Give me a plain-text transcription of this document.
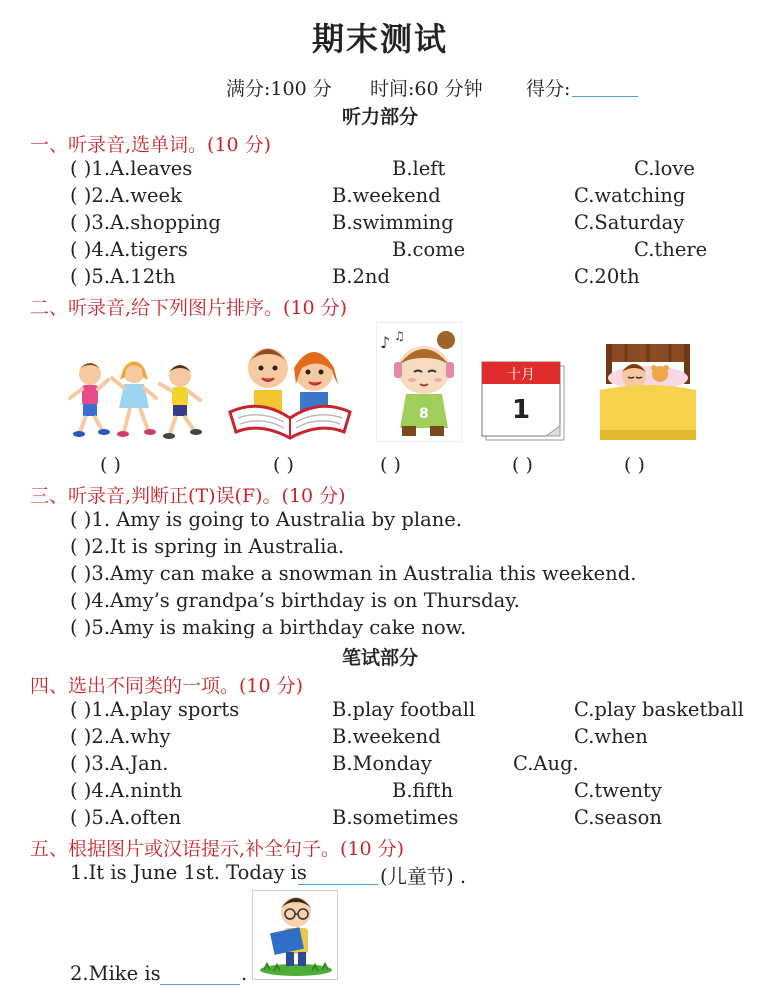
期末测试
满分:100 分 时间:60 分钟 得分:
听力部分
一、听录音,选单词。(10 分)
( )1.A.leaves	B.left	C.love
( )2.A.week	B.weekend	C.watching
( )3.A.shopping	B.swimming	C.Saturday
( )4.A.tigers	B.come	C.there
( )5.A.12th	B.2nd	C.20th
二、听录音,给下列图片排序。(10 分)
♪ ♫
8
十月
1
( )	( )	( )	( )	( )
三、听录音,判断正(T)误(F)。(10 分)
( )1. Amy is going to Australia by plane.
( )2.It is spring in Australia.
( )3.Amy can make a snowman in Australia this weekend.
( )4.Amy’s grandpa’s birthday is on Thursday.
( )5.Amy is making a birthday cake now.
笔试部分
四、选出不同类的一项。(10 分)
( )1.A.play sports	B.play football	C.play basketball
( )2.A.why	B.weekend	C.when
( )3.A.Jan.	B.Monday	C.Aug.
( )4.A.ninth	B.fifth	C.twenty
( )5.A.often	B.sometimes	C.season
五、根据图片或汉语提示,补全句子。(10 分)
1.It is June 1st. Today is	(儿童节) .
2.Mike is	.
